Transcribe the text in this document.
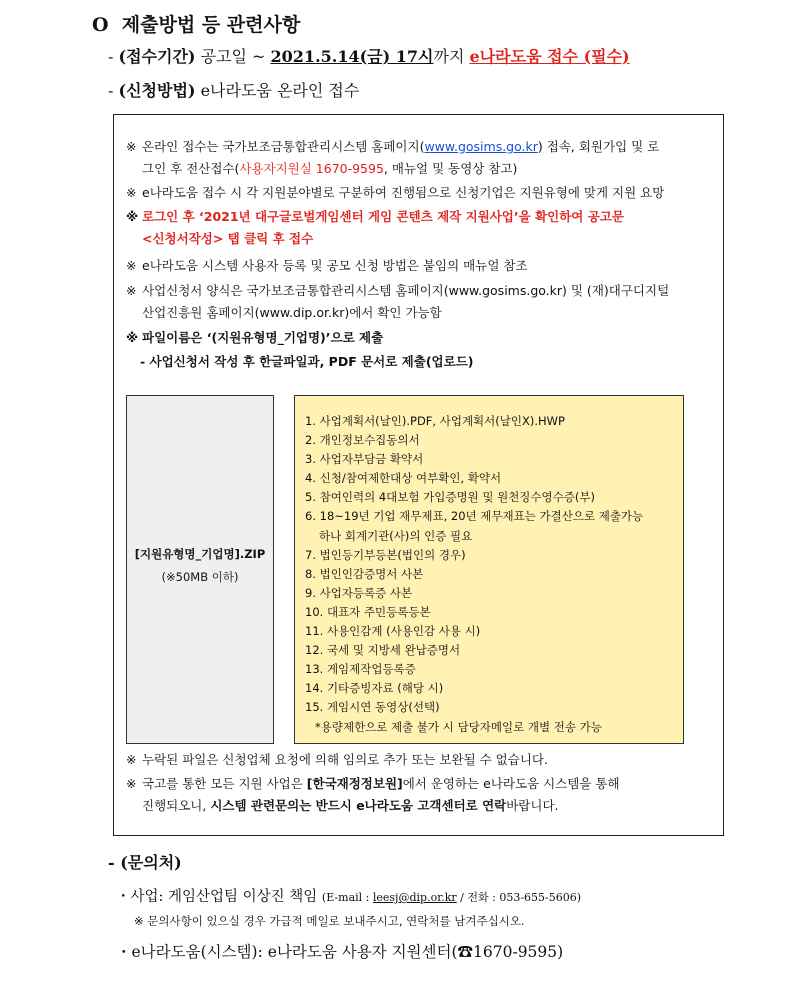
O 제출방법 등 관련사항
- (접수기간) 공고일 ~ 2021.5.14(금) 17시까지 e나라도움 접수 (필수)
- (신청방법) e나라도움 온라인 접수
※ 온라인 접수는 국가보조금통합관리시스템 홈페이지(www.gosims.go.kr) 접속, 회원가입 및 로
그인 후 전산접수(사용자지원실 1670-9595, 매뉴얼 및 동영상 참고)
※ e나라도움 접수 시 각 지원분야별로 구분하여 진행됨으로 신청기업은 지원유형에 맞게 지원 요망
※ 로그인 후 ‘2021년 대구글로벌게임센터 게임 콘텐츠 제작 지원사업’을 확인하여 공고문
<신청서작성> 탭 클릭 후 접수
※ e나라도움 시스템 사용자 등록 및 공모 신청 방법은 붙임의 매뉴얼 참조
※ 사업신청서 양식은 국가보조금통합관리시스템 홈페이지(www.gosims.go.kr) 및 (재)대구디지털
산업진흥원 홈페이지(www.dip.or.kr)에서 확인 가능함
※ 파일이름은 ‘(지원유형명_기업명)’으로 제출
- 사업신청서 작성 후 한글파일과, PDF 문서로 제출(업로드)
[지원유형명_기업명].ZIP
(※50MB 이하)
1. 사업계획서(날인).PDF, 사업계획서(날인X).HWP
2. 개인정보수집동의서
3. 사업자부담금 확약서
4. 신청/참여제한대상 여부확인, 확약서
5. 참여인력의 4대보험 가입증명원 및 원천징수영수증(부)
6. 18~19년 기업 재무제표, 20년 제무재표는 가결산으로 제출가능
하나 회계기관(사)의 인증 필요
7. 법인등기부등본(법인의 경우)
8. 법인인감증명서 사본
9. 사업자등록증 사본
10. 대표자 주민등록등본
11. 사용인감계 (사용인감 사용 시)
12. 국세 및 지방세 완납증명서
13. 게임제작업등록증
14. 기타증빙자료 (해당 시)
15. 게임시연 동영상(선택)
*용량제한으로 제출 불가 시 담당자메일로 개별 전송 가능
※ 누락된 파일은 신청업체 요청에 의해 임의로 추가 또는 보완될 수 없습니다.
※ 국고를 통한 모든 지원 사업은 [한국재정정보원]에서 운영하는 e나라도움 시스템을 통해
진행되오니, 시스템 관련문의는 반드시 e나라도움 고객센터로 연락바랍니다.
- (문의처)
・사업: 게임산업팀 이상진 책임 (E-mail : leesj@dip.or.kr / 전화 : 053-655-5606)
※ 문의사항이 있으실 경우 가급적 메일로 보내주시고, 연락처를 남겨주십시오.
・e나라도움(시스템): e나라도움 사용자 지원센터(☎1670-9595)
